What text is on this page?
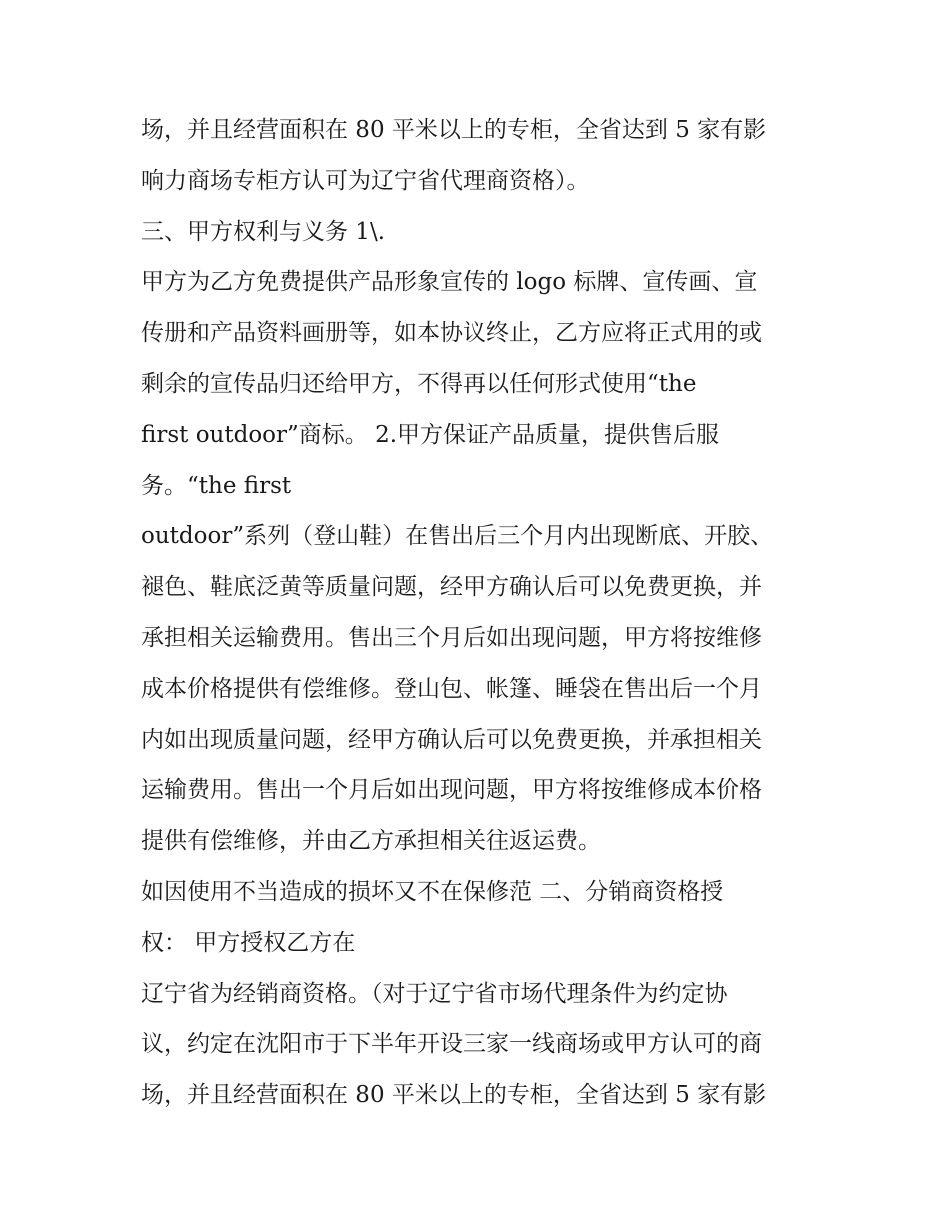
场，并且经营面积在 80 平米以上的专柜，全省达到 5 家有影
响力商场专柜方认可为辽宁省代理商资格）。
三、甲方权利与义务 1\.
甲方为乙方免费提供产品形象宣传的 logo 标牌、宣传画、宣
传册和产品资料画册等，如本协议终止，乙方应将正式用的或
剩余的宣传品归还给甲方，不得再以任何形式使用“the
first outdoor”商标。 2.甲方保证产品质量，提供售后服
务。“the first
outdoor”系列（登山鞋）在售出后三个月内出现断底、开胶、
褪色、鞋底泛黄等质量问题，经甲方确认后可以免费更换，并
承担相关运输费用。售出三个月后如出现问题，甲方将按维修
成本价格提供有偿维修。登山包、帐篷、睡袋在售出后一个月
内如出现质量问题，经甲方确认后可以免费更换，并承担相关
运输费用。售出一个月后如出现问题，甲方将按维修成本价格
提供有偿维修，并由乙方承担相关往返运费。
如因使用不当造成的损坏又不在保修范 二、分销商资格授
权： 甲方授权乙方在
辽宁省为经销商资格。（对于辽宁省市场代理条件为约定协
议，约定在沈阳市于下半年开设三家一线商场或甲方认可的商
场，并且经营面积在 80 平米以上的专柜，全省达到 5 家有影
